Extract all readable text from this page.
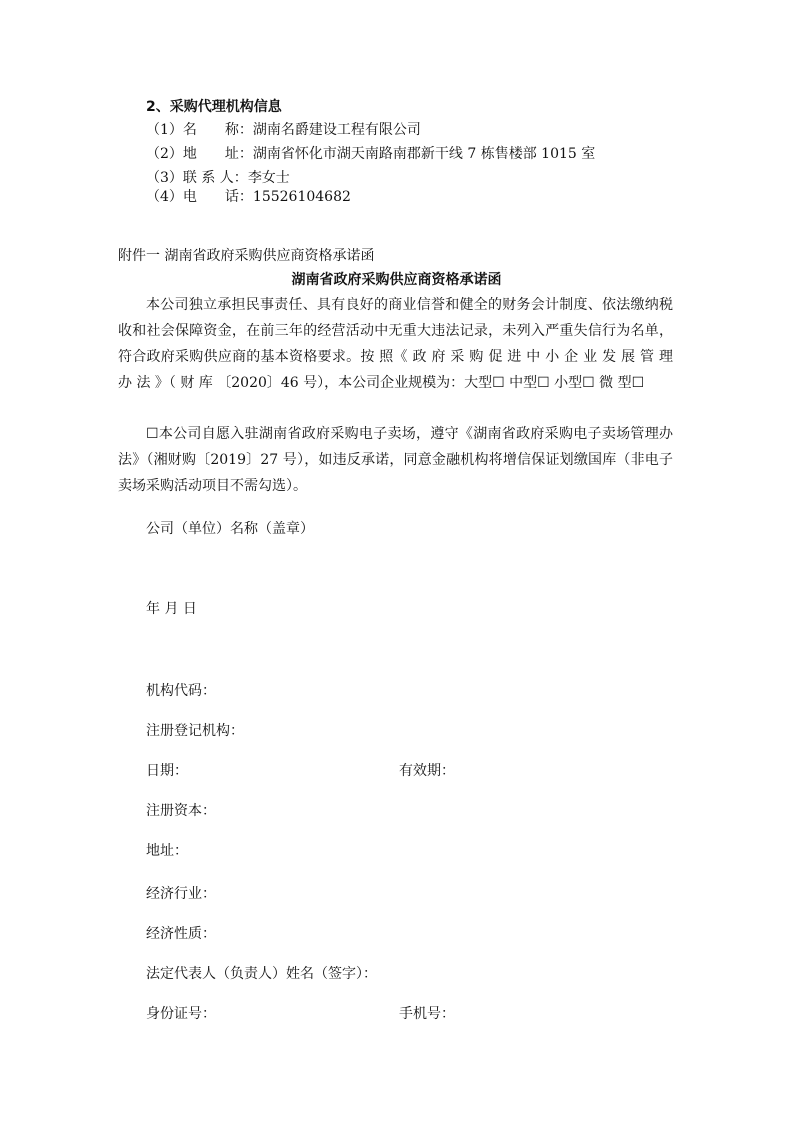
2、采购代理机构信息
（1）名　　称：湖南名爵建设工程有限公司
（2）地　　址：湖南省怀化市湖天南路南郡新干线 7 栋售楼部 1015 室
（3）联 系 人：李女士
（4）电　　话：15526104682
附件一 湖南省政府采购供应商资格承诺函
湖南省政府采购供应商资格承诺函
本公司独立承担民事责任、具有良好的商业信誉和健全的财务会计制度、依法缴纳税收和社会保障资金，在前三年的经营活动中无重大违法记录，未列入严重失信行为名单，符合政府采购供应商的基本资格要求。按 照《 政 府 采 购 促 进 中 小 企 业 发 展 管 理 办 法 》（ 财 库 〔2020〕46 号），本公司企业规模为：大型☐ 中型☐ 小型☐ 微 型☐
☐本公司自愿入驻湖南省政府采购电子卖场，遵守《湖南省政府采购电子卖场管理办法》（湘财购〔2019〕27 号），如违反承诺，同意金融机构将增信保证划缴国库（非电子卖场采购活动项目不需勾选）。
公司（单位）名称（盖章）
年 月 日
机构代码：
注册登记机构：
日期：	有效期：
注册资本：
地址：
经济行业：
经济性质：
法定代表人（负责人）姓名（签字）：
身份证号：	手机号：
